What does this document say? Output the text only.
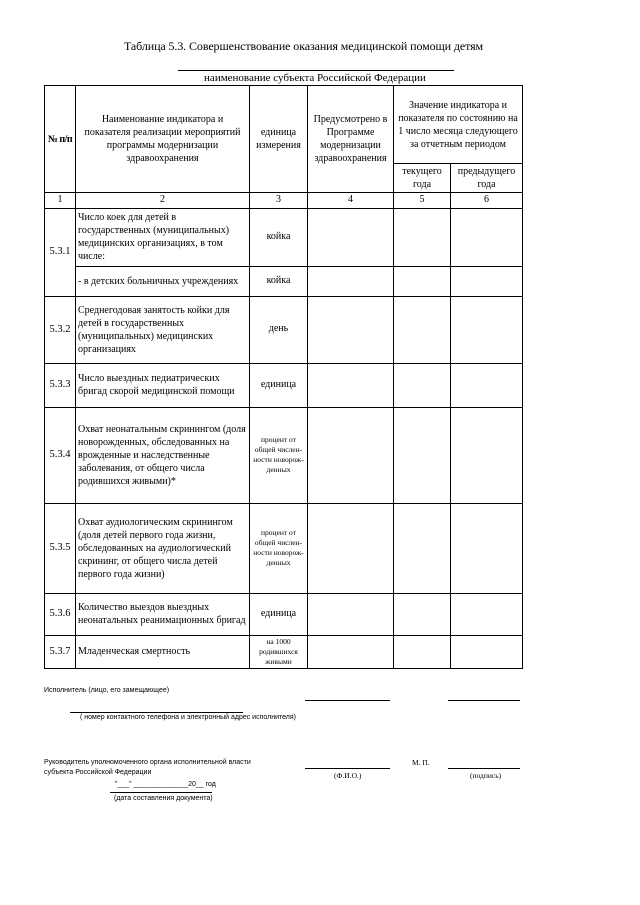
Таблица 5.3. Совершенствование оказания медицинской помощи детям
наименование субъекта Российской Федерации
№ п/п	Наименование индикатора и показателя реализации мероприятий программы модернизации здравоохранения	единица измерения	Предусмотрено в Программе модернизации здравоохранения	Значение индикатора и показателя по состоянию на 1 число месяца следующего за отчетным периодом	
				текущего года	предыдущего года
1	2	3	4	5	6
5.3.1	Число коек для детей в государственных (муниципальных) медицинских организациях, в том числе:	койка			
	- в детских больничных учреждениях	койка			
5.3.2	Среднегодовая занятость койки для детей в государственных (муниципальных) медицинских организациях	день			
5.3.3	Число выездных педиатрических бригад скорой медицинской помощи	единица			
5.3.4	Охват неонатальным скринингом (доля новорожденных, обследованных на врожденные и наследственные заболевания, от общего числа родившихся живыми)*	процент от общей числен-ности новорож-денных			
5.3.5	Охват аудиологическим скринингом (доля детей первого года жизни, обследованных на аудиологический скрининг, от общего числа детей первого года жизни)	процент от общей числен-ности новорож-денных			
5.3.6	Количество выездов выездных неонатальных реанимационных бригад	единица			
5.3.7	Младенческая смертность	на 1000 родившихся живыми			
Исполнитель (лицо, его замещающее)
( номер контактного телефона и электронный адрес исполнителя)
Руководитель уполномоченного органа исполнительной власти
субъекта Российской Федерации
М. П.
(Ф.И.О.)	(подпись)
"___" ______________20__ год
(дата составления документа)
